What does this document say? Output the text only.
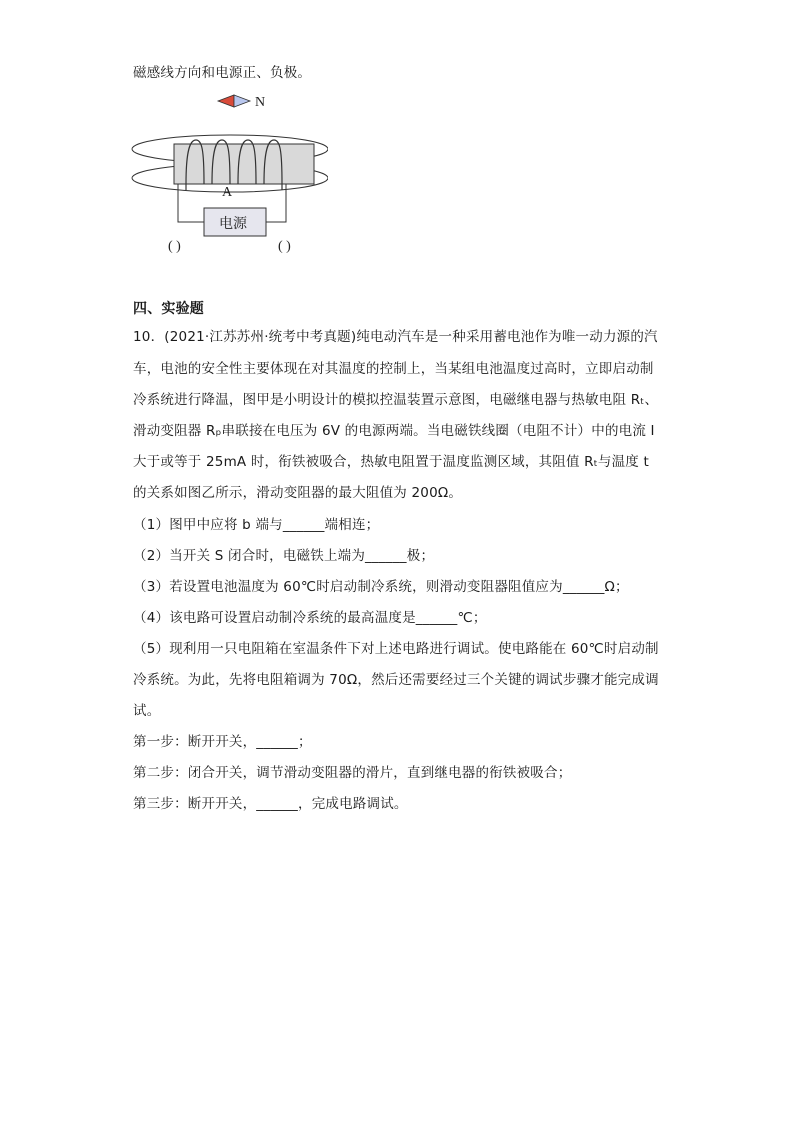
磁感线方向和电源正、负极。
N
A
电源
( )	( )
四、实验题
10．(2021·江苏苏州·统考中考真题)纯电动汽车是一种采用蓄电池作为唯一动力源的汽
车，电池的安全性主要体现在对其温度的控制上，当某组电池温度过高时，立即启动制
冷系统进行降温，图甲是小明设计的模拟控温装置示意图，电磁继电器与热敏电阻 Rₜ、
滑动变阻器 Rₚ串联接在电压为 6V 的电源两端。当电磁铁线圈（电阻不计）中的电流 I
大于或等于 25mA 时，衔铁被吸合，热敏电阻置于温度监测区域，其阻值 Rₜ与温度 t
的关系如图乙所示，滑动变阻器的最大阻值为 200Ω。
（1）图甲中应将 b 端与______端相连；
（2）当开关 S 闭合时，电磁铁上端为______极；
（3）若设置电池温度为 60℃时启动制冷系统，则滑动变阻器阻值应为______Ω；
（4）该电路可设置启动制冷系统的最高温度是______℃；
（5）现利用一只电阻箱在室温条件下对上述电路进行调试。使电路能在 60℃时启动制
冷系统。为此，先将电阻箱调为 70Ω，然后还需要经过三个关键的调试步骤才能完成调
试。
第一步：断开开关，______；
第二步：闭合开关，调节滑动变阻器的滑片，直到继电器的衔铁被吸合；
第三步：断开开关，______，完成电路调试。
